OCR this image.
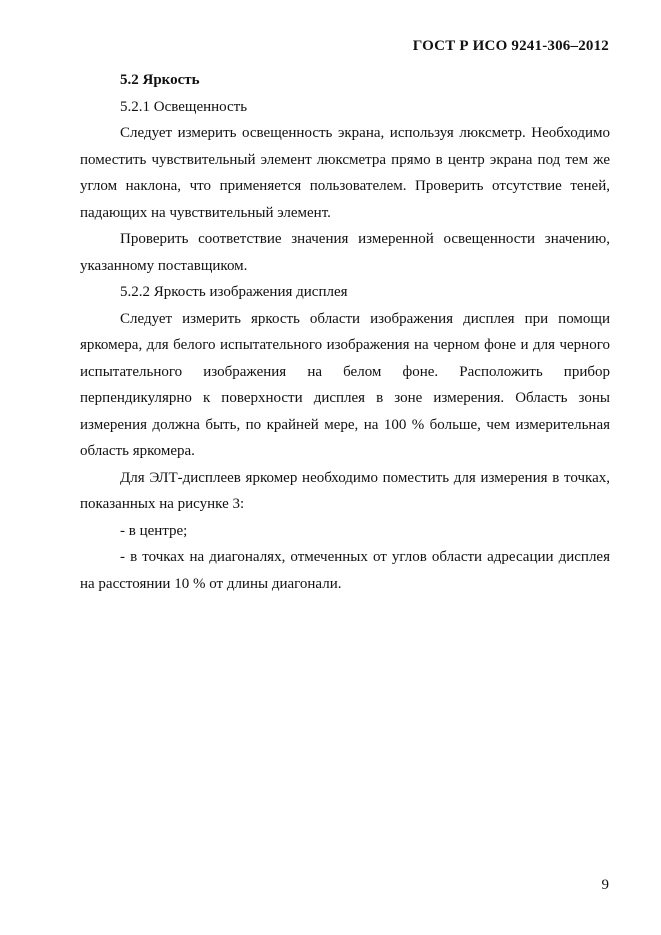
ГОСТ Р ИСО 9241-306–2012

5.2 Яркость

5.2.1 Освещенность

Следует измерить освещенность экрана, используя люксметр. Необходимо поместить чувствительный элемент люксметра прямо в центр экрана под тем же углом наклона, что применяется пользователем. Проверить отсутствие теней, падающих на чувствительный элемент.

Проверить соответствие значения измеренной освещенности значению, указанному поставщиком.

5.2.2 Яркость изображения дисплея

Следует измерить яркость области изображения дисплея при помощи яркомера, для белого испытательного изображения на черном фоне и для черного испытательного изображения на белом фоне. Расположить прибор перпендикулярно к поверхности дисплея в зоне измерения. Область зоны измерения должна быть, по крайней мере, на 100 % больше, чем измерительная область яркомера.

Для ЭЛТ-дисплеев яркомер необходимо поместить для измерения в точках, показанных на рисунке 3:

- в центре;

- в точках на диагоналях, отмеченных от углов области адресации дисплея на расстоянии 10 % от длины диагонали.

9
